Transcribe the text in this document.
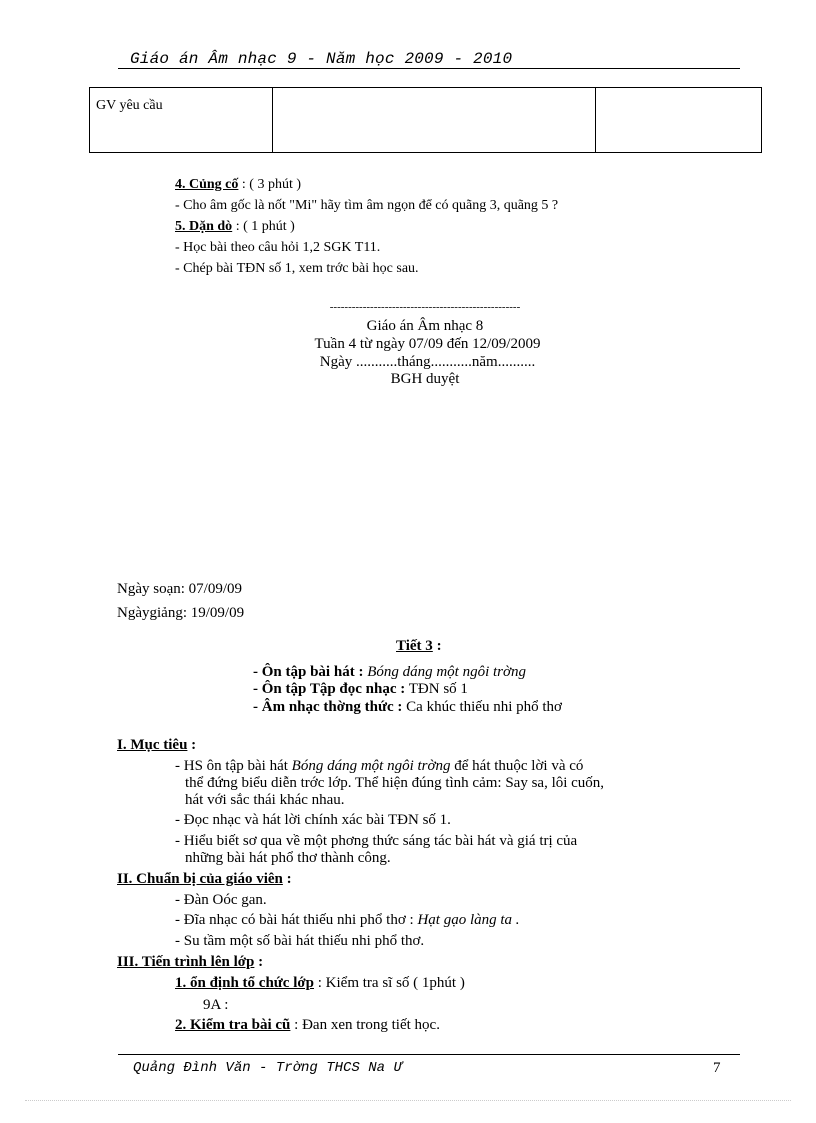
Giáo án Âm nhạc 9 - Năm học 2009 - 2010
GV yêu cầu		
4. Củng cố : ( 3 phút )
- Cho âm gốc là nốt "Mi" hãy tìm âm ngọn để có quãng 3, quãng 5 ?
5. Dặn dò : ( 1 phút )
- Học bài theo câu hỏi 1,2 SGK T11.
- Chép bài TĐN số 1, xem trớc bài học sau.
----------------------------------------------------
Giáo án Âm nhạc 8
Tuần 4 từ ngày 07/09 đến 12/09/2009
Ngày ...........tháng...........năm..........
BGH duyệt
Ngày soạn: 07/09/09
Ngàygiảng: 19/09/09
Tiết 3 :
- Ôn tập bài hát : Bóng dáng một ngôi trờng
- Ôn tập Tập đọc nhạc : TĐN số 1
- Âm nhạc thờng thức : Ca khúc thiếu nhi phổ thơ
I. Mục tiêu :
- HS ôn tập bài hát Bóng dáng một ngôi trờng để hát thuộc lời và có
thể đứng biểu diễn trớc lớp. Thể hiện đúng tình cảm: Say sa, lôi cuốn,
hát với sắc thái khác nhau.
- Đọc nhạc và hát lời chính xác bài TĐN số 1.
- Hiểu biết sơ qua về một phơng thức sáng tác bài hát và giá trị của
những bài hát phổ thơ thành công.
II. Chuẩn bị của giáo viên :
- Đàn Oóc gan.
- Đĩa nhạc có bài hát thiếu nhi phổ thơ : Hạt gạo làng ta .
- Su tầm một số bài hát thiếu nhi phổ thơ.
III. Tiến trình lên lớp :
1. ổn định tổ chức lớp : Kiểm tra sĩ số ( 1phút )
9A :
2. Kiểm tra bài cũ : Đan xen trong tiết học.
Quảng Đình Văn - Trờng THCS Na Ư	7
